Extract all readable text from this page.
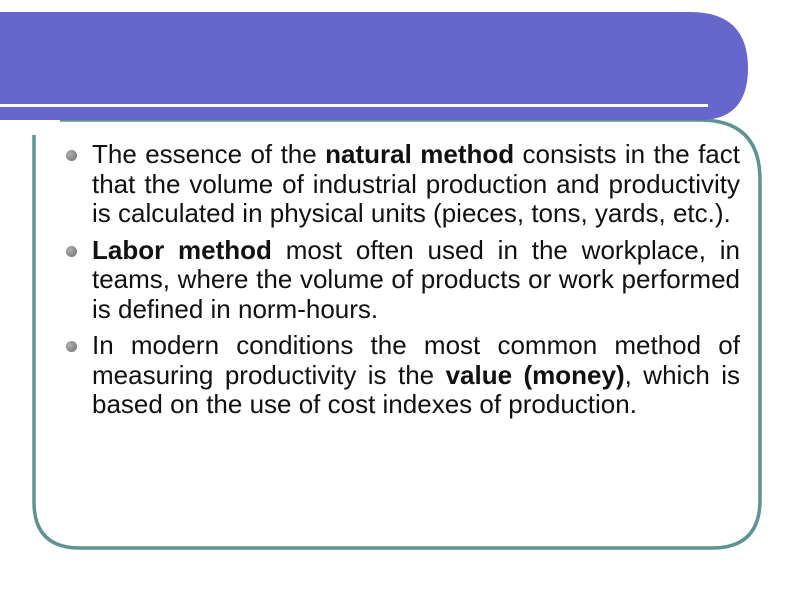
The essence of the natural method consists in the fact that the volume of industrial production and productivity is calculated in physical units (pieces, tons, yards, etc.).
Labor method most often used in the workplace, in teams, where the volume of products or work performed is defined in norm-hours.
In modern conditions the most common method of measuring productivity is the value (money), which is based on the use of cost indexes of production.
